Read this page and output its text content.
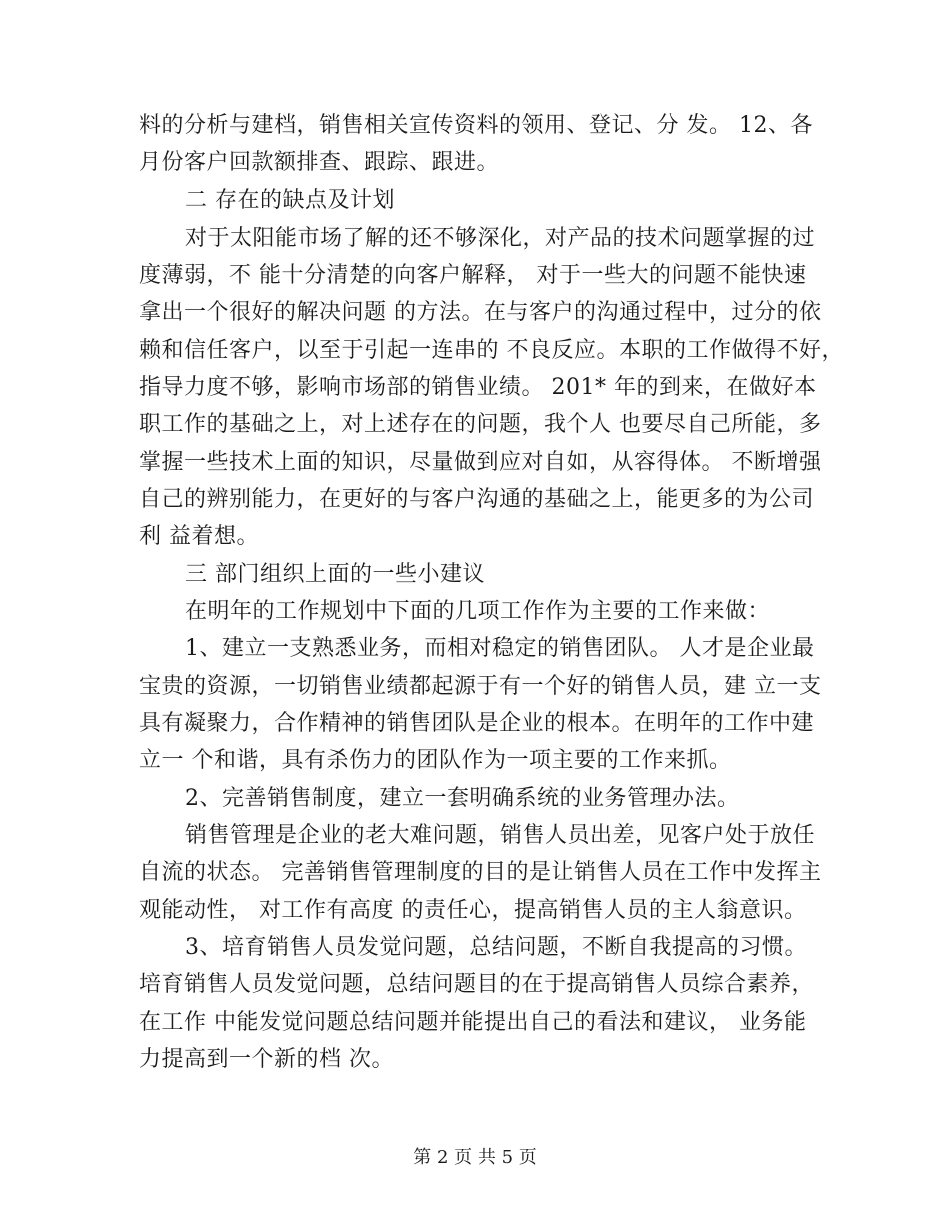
料的分析与建档，销售相关宣传资料的领用、登记、分 发。 12、各
月份客户回款额排查、跟踪、跟进。
二 存在的缺点及计划
对于太阳能市场了解的还不够深化，对产品的技术问题掌握的过
度薄弱，不 能十分清楚的向客户解释， 对于一些大的问题不能快速
拿出一个很好的解决问题 的方法。在与客户的沟通过程中，过分的依
赖和信任客户，以至于引起一连串的 不良反应。本职的工作做得不好，
指导力度不够，影响市场部的销售业绩。 201* 年的到来，在做好本
职工作的基础之上，对上述存在的问题，我个人 也要尽自己所能，多
掌握一些技术上面的知识，尽量做到应对自如，从容得体。 不断增强
自己的辨别能力，在更好的与客户沟通的基础之上，能更多的为公司
利 益着想。
三 部门组织上面的一些小建议
在明年的工作规划中下面的几项工作作为主要的工作来做：
1、建立一支熟悉业务，而相对稳定的销售团队。 人才是企业最
宝贵的资源，一切销售业绩都起源于有一个好的销售人员，建 立一支
具有凝聚力，合作精神的销售团队是企业的根本。在明年的工作中建
立一 个和谐，具有杀伤力的团队作为一项主要的工作来抓。
2、完善销售制度，建立一套明确系统的业务管理办法。
销售管理是企业的老大难问题，销售人员出差，见客户处于放任
自流的状态。 完善销售管理制度的目的是让销售人员在工作中发挥主
观能动性， 对工作有高度 的责任心，提高销售人员的主人翁意识。
3、培育销售人员发觉问题，总结问题，不断自我提高的习惯。
培育销售人员发觉问题，总结问题目的在于提高销售人员综合素养，
在工作 中能发觉问题总结问题并能提出自己的看法和建议， 业务能
力提高到一个新的档 次。
第 2 页 共 5 页
